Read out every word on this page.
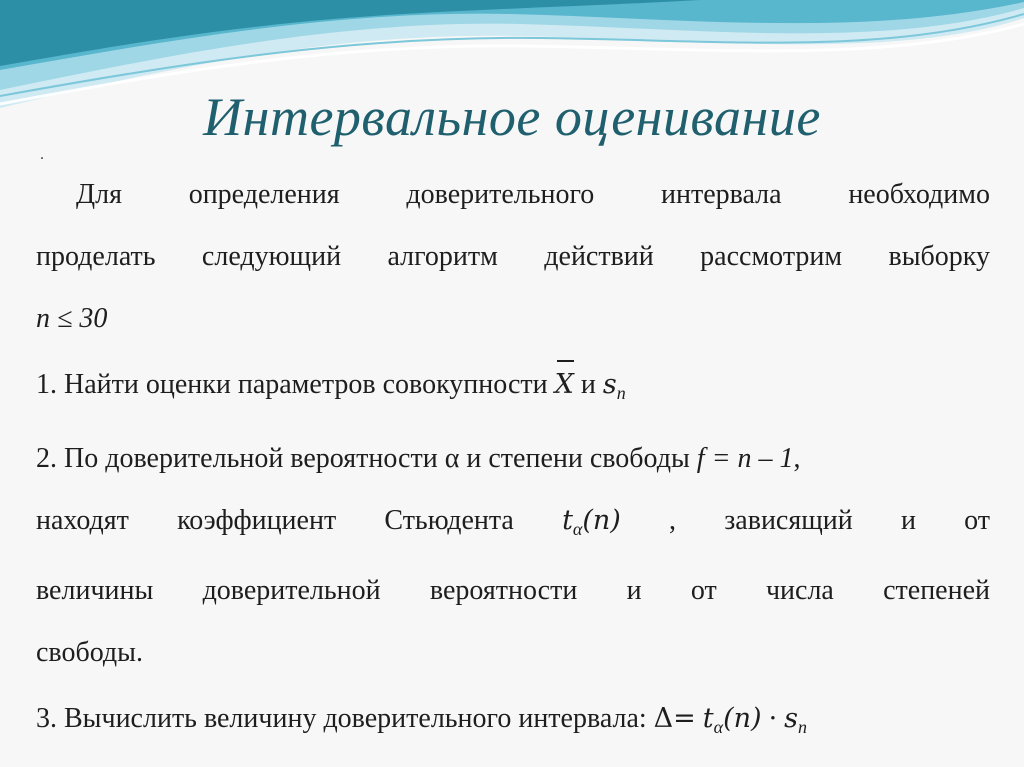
Интервальное оценивание
.

Для определения доверительного интервала необходимо

проделать следующий алгоритм действий рассмотрим выборку

n ≤ 30

1. Найти оценки параметров совокупности X и $s_n$

2. По доверительной вероятности α и степени свободы f = n – 1,

находят коэффициент Стьюдента $t_\alpha(n)$ , зависящий и от

величины доверительной вероятности и от числа степеней

свободы.

3. Вычислить величину доверительного интервала: $\Delta= t_\alpha(n) \cdot s_n$
